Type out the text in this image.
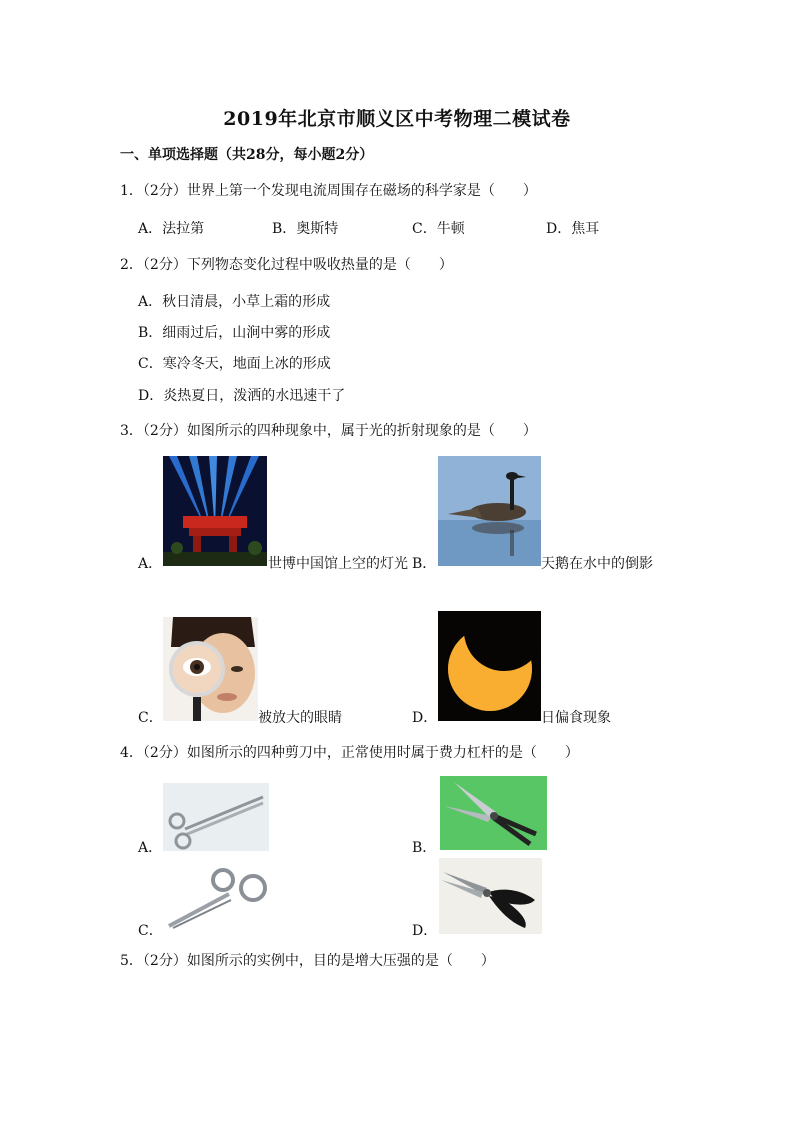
2019年北京市顺义区中考物理二模试卷
一、单项选择题（共28分，每小题2分）
1．（2分）世界上第一个发现电流周围存在磁场的科学家是（　　）
A．法拉第	B．奥斯特	C．牛顿	D．焦耳
2．（2分）下列物态变化过程中吸收热量的是（　　）
A．秋日清晨，小草上霜的形成
B．细雨过后，山涧中雾的形成
C．寒冷冬天，地面上冰的形成
D．炎热夏日，泼洒的水迅速干了
3．（2分）如图所示的四种现象中，属于光的折射现象的是（　　）
A．	世博中国馆上空的灯光 B．	天鹅在水中的倒影
C．	被放大的眼睛	D．	日偏食现象
4．（2分）如图所示的四种剪刀中，正常使用时属于费力杠杆的是（　　）
A．	B．
C．	D．
5．（2分）如图所示的实例中，目的是增大压强的是（　　）
